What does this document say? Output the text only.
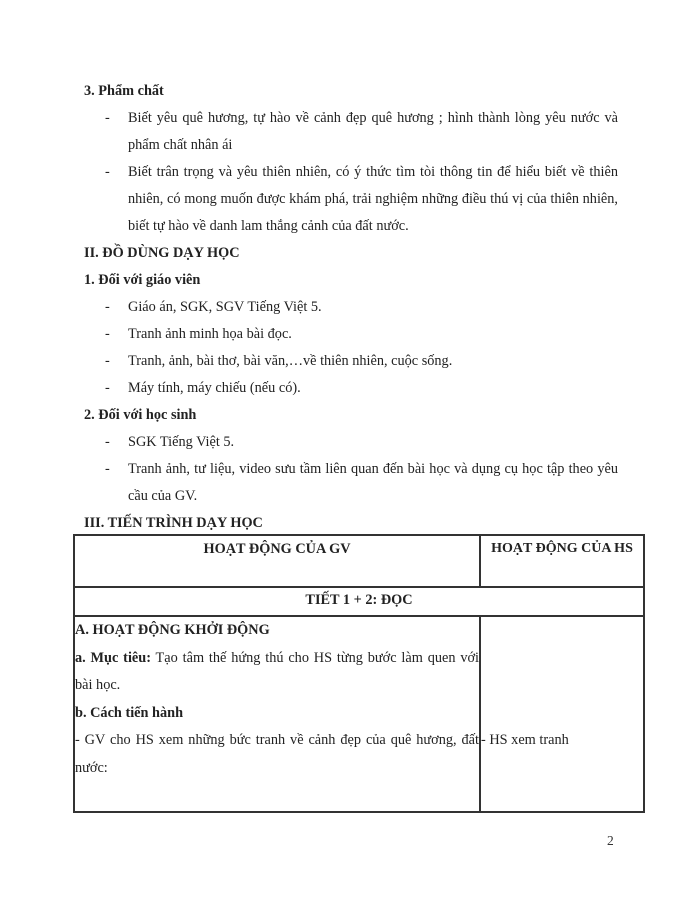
3. Phẩm chất

-	Biết yêu quê hương, tự hào về cảnh đẹp quê hương ; hình thành lòng yêu nước và phẩm chất nhân ái
-	Biết trân trọng và yêu thiên nhiên, có ý thức tìm tòi thông tin để hiểu biết về thiên nhiên, có mong muốn được khám phá, trải nghiệm những điều thú vị của thiên nhiên, biết tự hào về danh lam thắng cảnh của đất nước.

II. ĐỒ DÙNG DẠY HỌC

1. Đối với giáo viên

-	Giáo án, SGK, SGV Tiếng Việt 5.
-	Tranh ảnh minh họa bài đọc.
-	Tranh, ảnh, bài thơ, bài văn,…về thiên nhiên, cuộc sống.
-	Máy tính, máy chiếu (nếu có).

2. Đối với học sinh

-	SGK Tiếng Việt 5.
-	Tranh ảnh, tư liệu, video sưu tầm liên quan đến bài học và dụng cụ học tập theo yêu cầu của GV.

III. TIẾN TRÌNH DẠY HỌC

HOẠT ĐỘNG CỦA GV	HOẠT ĐỘNG CỦA HS
TIẾT 1 + 2: ĐỌC	

A. HOẠT ĐỘNG KHỞI ĐỘNG

a. Mục tiêu: Tạo tâm thế hứng thú cho HS từng bước làm quen với bài học.

b. Cách tiến hành

- GV cho HS xem những bức tranh về cảnh đẹp của quê hương, đất nước:	- HS xem tranh

2
